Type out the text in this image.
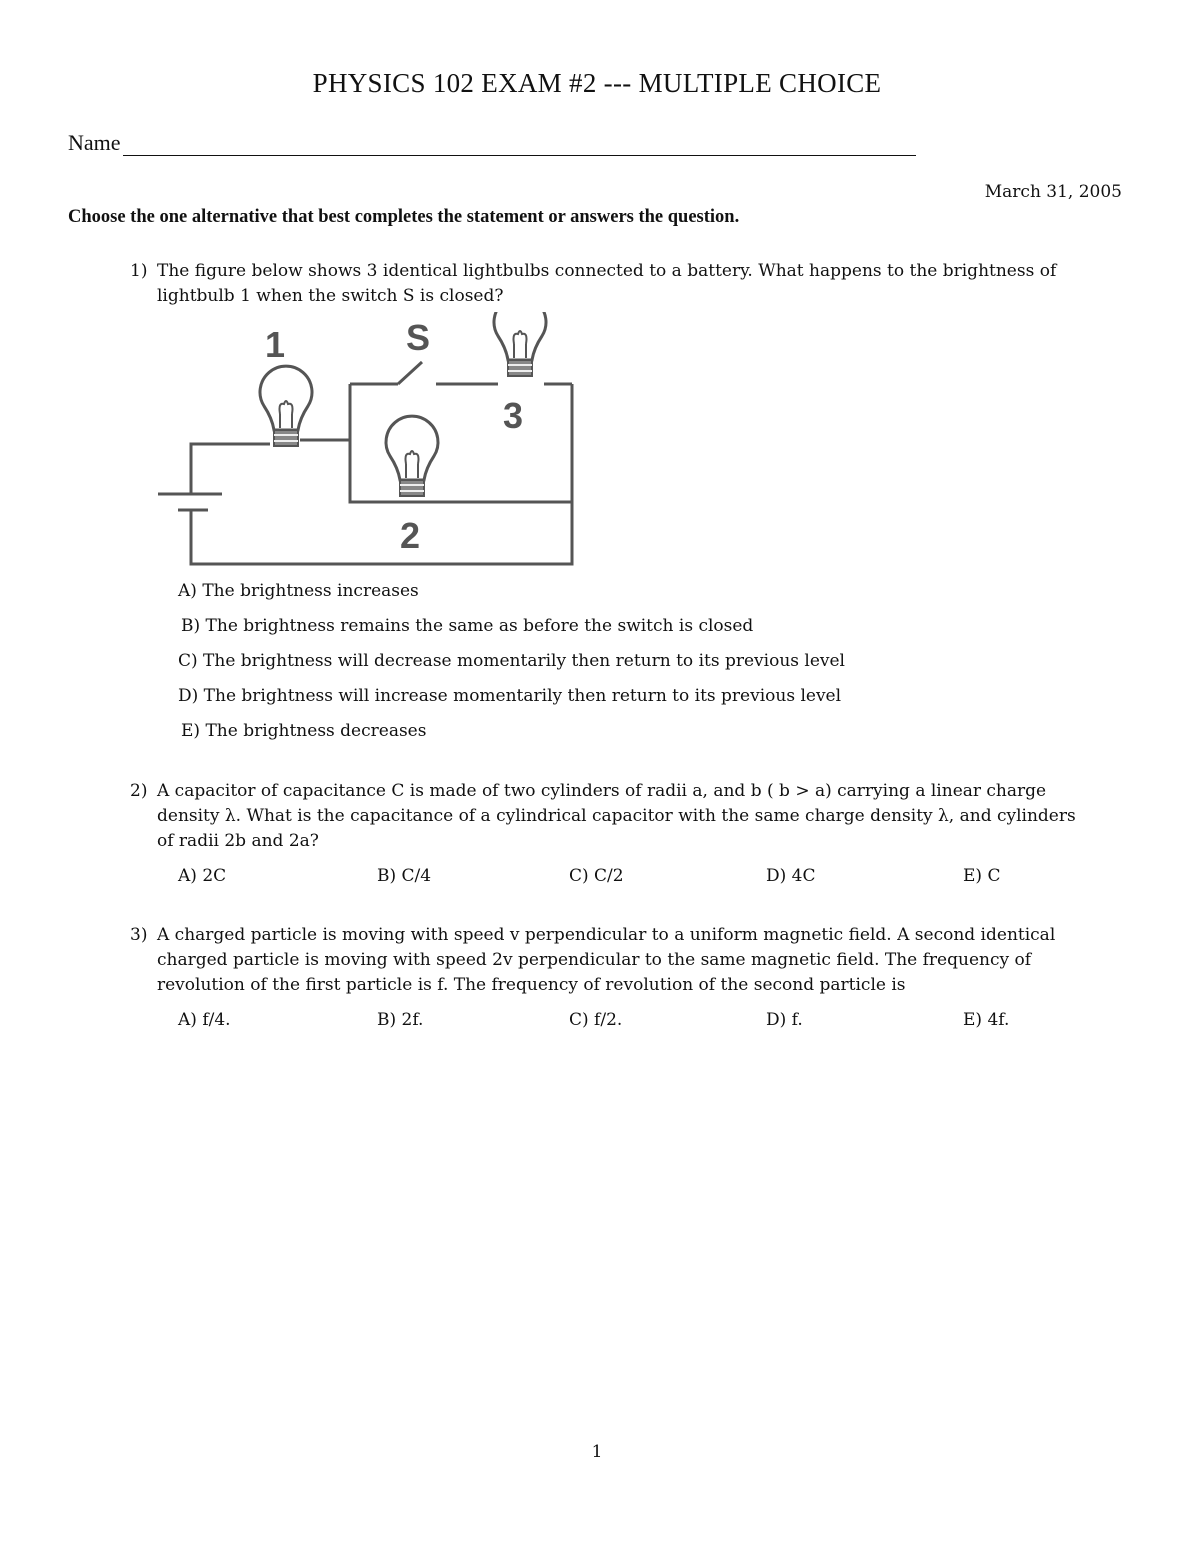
PHYSICS 102 EXAM #2 --- MULTIPLE CHOICE
Name
March 31, 2005
Choose the one alternative that best completes the statement or answers the question.
1) The figure below shows 3 identical lightbulbs connected to a battery. What happens to the brightness of lightbulb 1 when the switch S is closed?
1	S
3
2
A) The brightness increases
B) The brightness remains the same as before the switch is closed
C) The brightness will decrease momentarily then return to its previous level
D) The brightness will increase momentarily then return to its previous level
E) The brightness decreases
2) A capacitor of capacitance C is made of two cylinders of radii a, and b ( b > a) carrying a linear charge density λ. What is the capacitance of a cylindrical capacitor with the same charge density λ, and cylinders of radii 2b and 2a?
A) 2C	B) C/4	C) C/2	D) 4C	E) C
3) A charged particle is moving with speed v perpendicular to a uniform magnetic field. A second identical charged particle is moving with speed 2v perpendicular to the same magnetic field. The frequency of revolution of the first particle is f. The frequency of revolution of the second particle is
A) f/4.	B) 2f.	C) f/2.	D) f.	E) 4f.
1
